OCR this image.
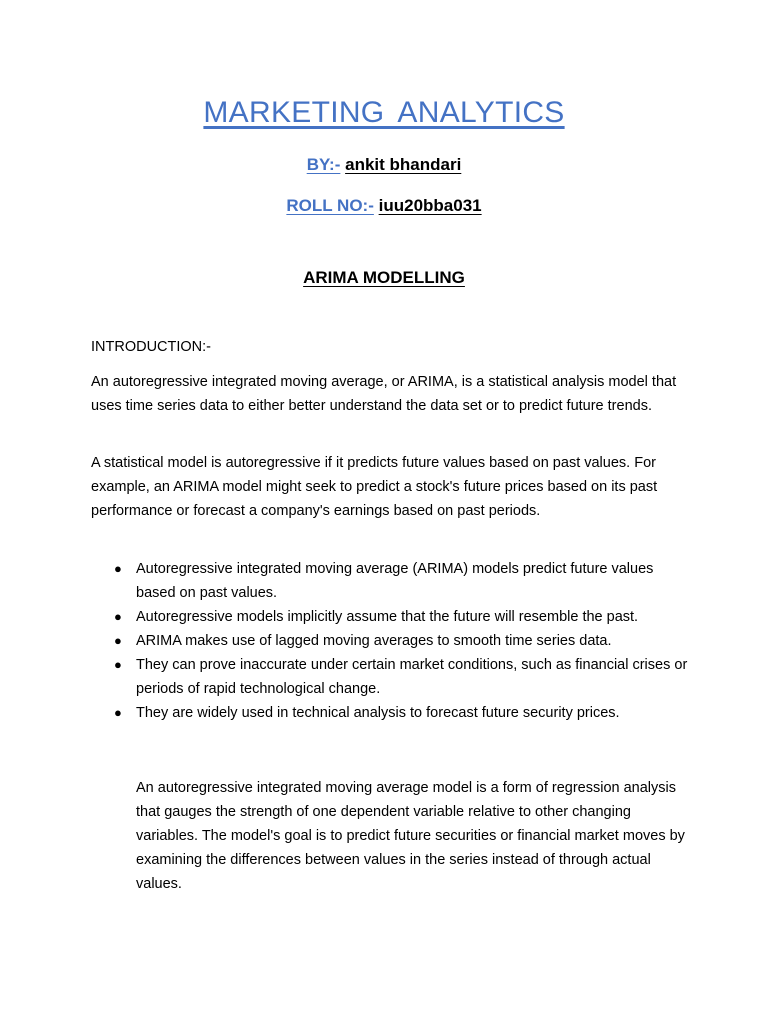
MARKETING ANALYTICS
BY:- ankit bhandari
ROLL NO:- iuu20bba031
ARIMA MODELLING
INTRODUCTION:-
An autoregressive integrated moving average, or ARIMA, is a statistical analysis model that uses time series data to either better understand the data set or to predict future trends.
A statistical model is autoregressive if it predicts future values based on past values. For example, an ARIMA model might seek to predict a stock's future prices based on its past performance or forecast a company's earnings based on past periods.
● Autoregressive integrated moving average (ARIMA) models predict future values based on past values.
● Autoregressive models implicitly assume that the future will resemble the past.
● ARIMA makes use of lagged moving averages to smooth time series data.
● They can prove inaccurate under certain market conditions, such as financial crises or periods of rapid technological change.
● They are widely used in technical analysis to forecast future security prices.
An autoregressive integrated moving average model is a form of regression analysis that gauges the strength of one dependent variable relative to other changing variables. The model's goal is to predict future securities or financial market moves by examining the differences between values in the series instead of through actual values.
